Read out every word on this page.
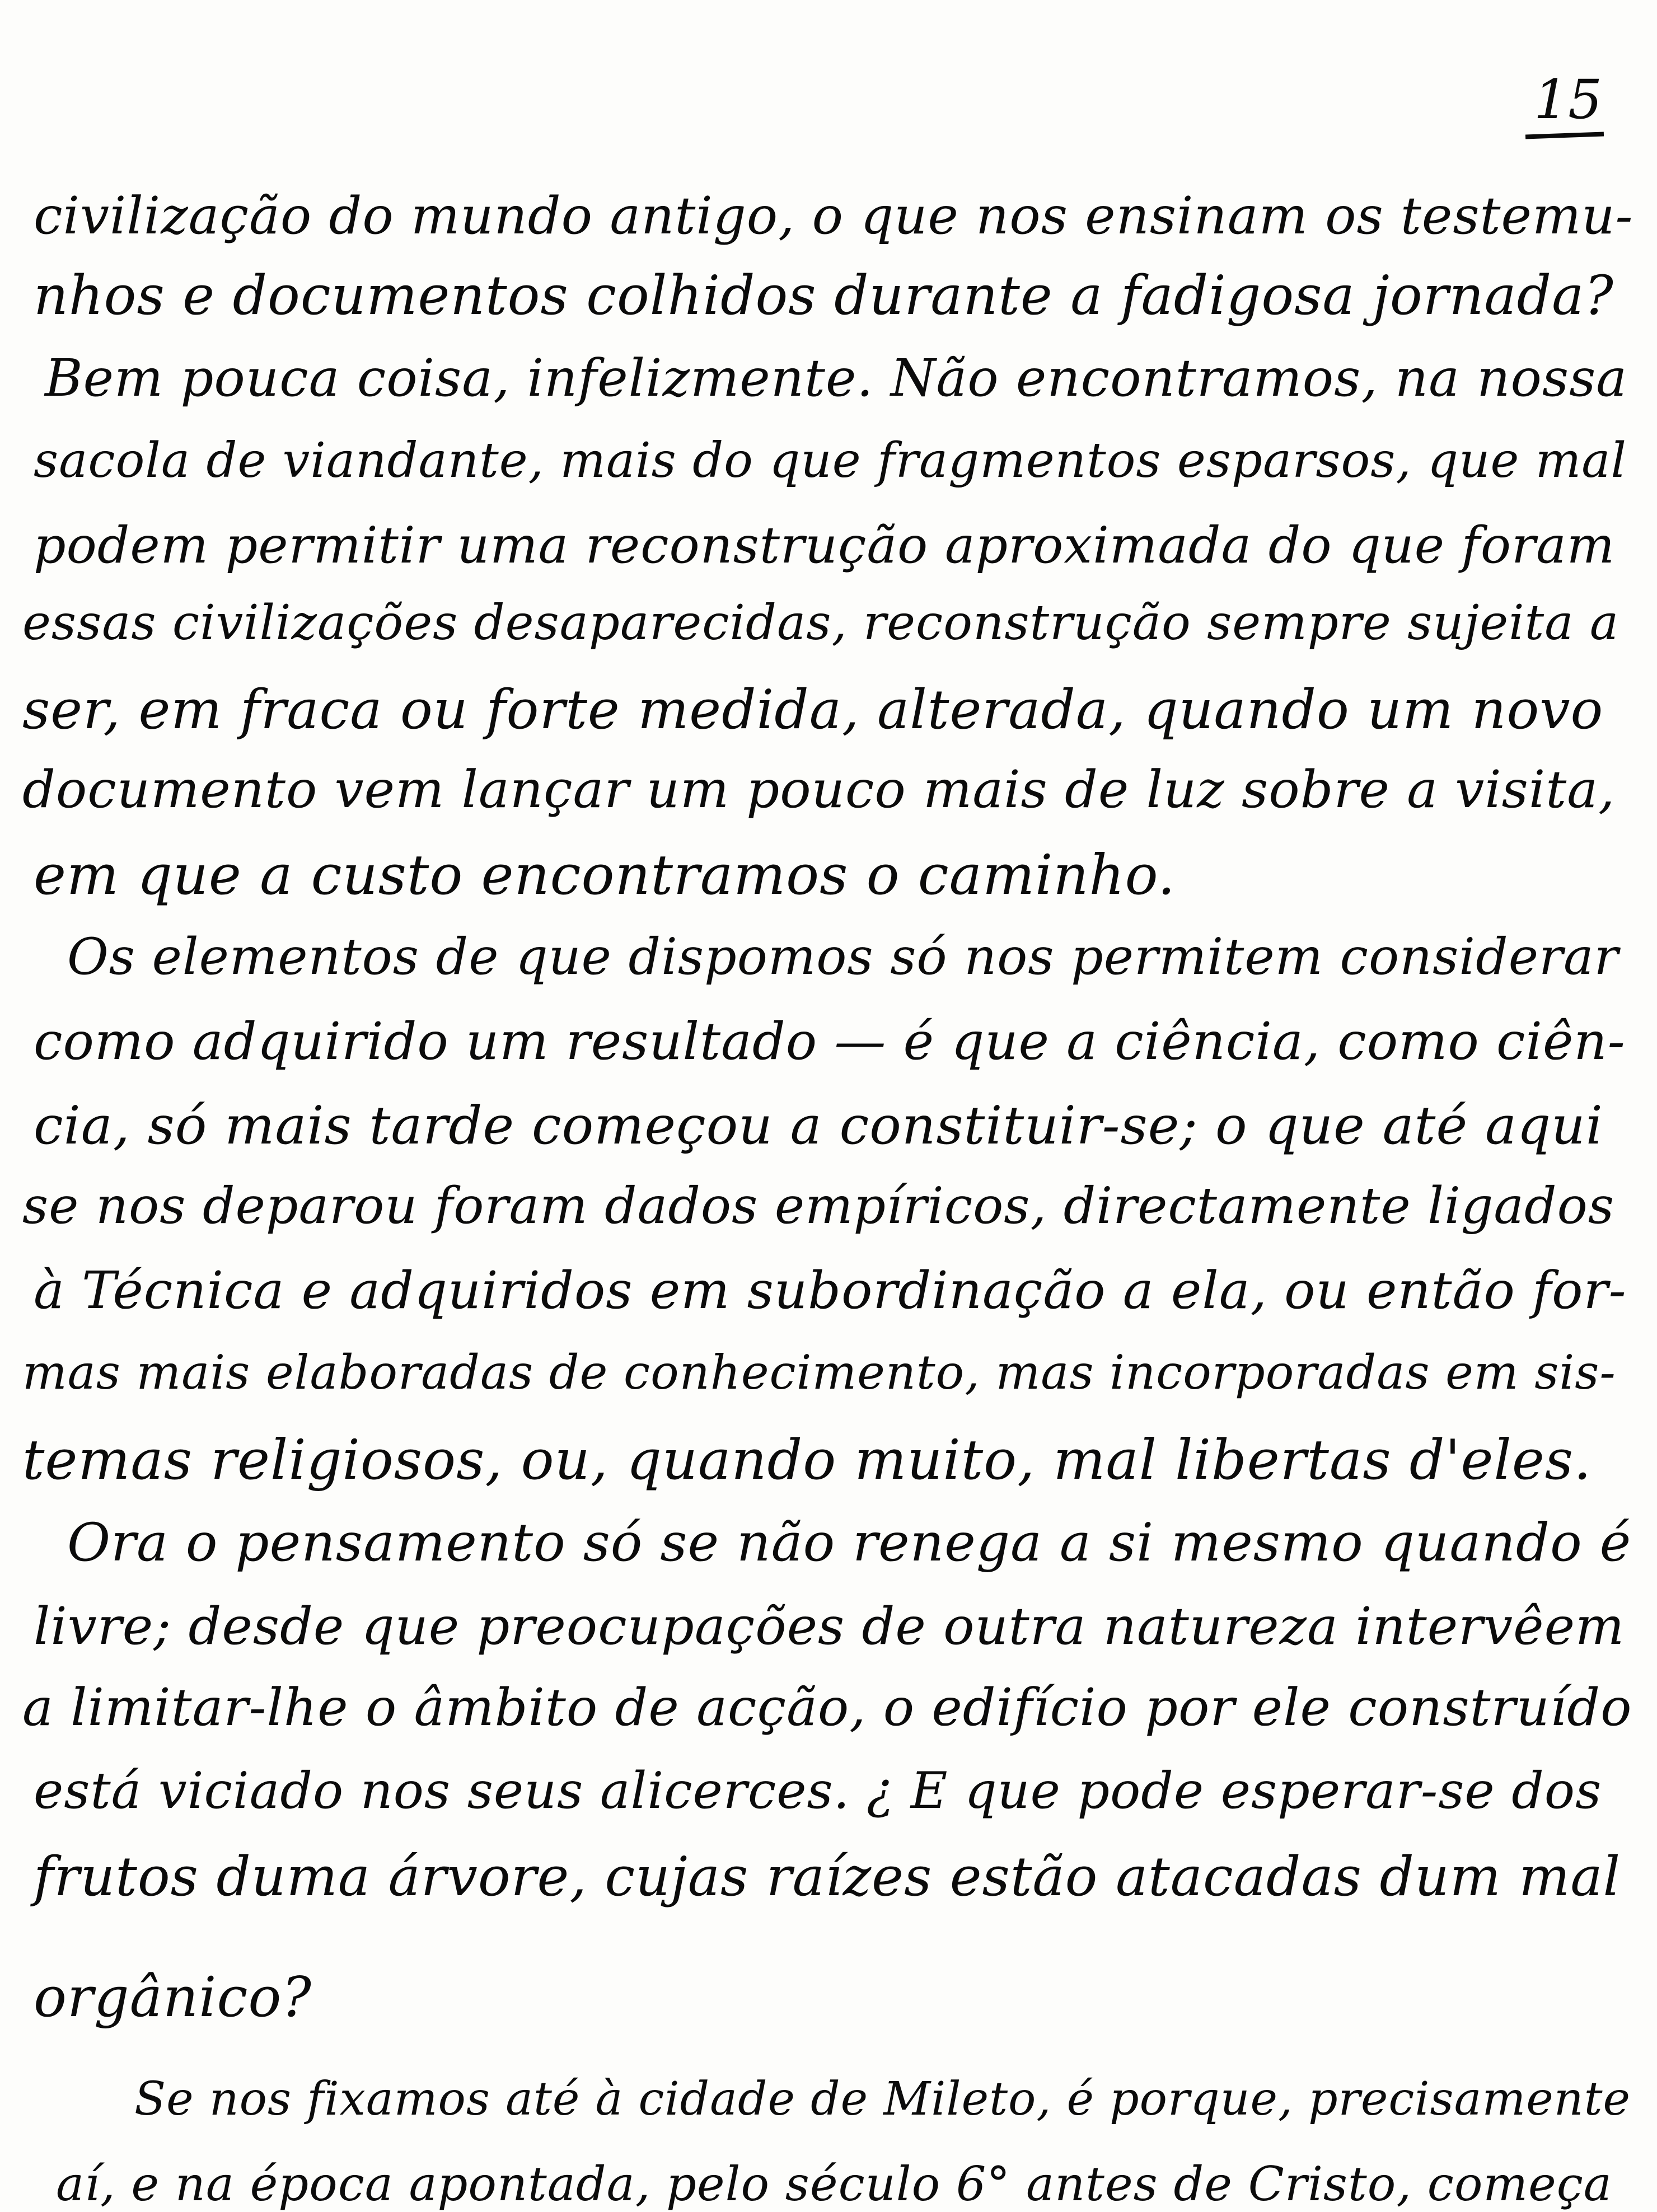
15
civilização do mundo antigo, o que nos ensinam os testemu-
nhos e documentos colhidos durante a fadigosa jornada?
Bem pouca coisa, infelizmente. Não encontramos, na nossa
sacola de viandante, mais do que fragmentos esparsos, que mal
podem permitir uma reconstrução aproximada do que foram
essas civilizações desaparecidas, reconstrução sempre sujeita a
ser, em fraca ou forte medida, alterada, quando um novo
documento vem lançar um pouco mais de luz sobre a visita,
em que a custo encontramos o caminho.
Os elementos de que dispomos só nos permitem considerar
como adquirido um resultado — é que a ciência, como ciên-
cia, só mais tarde começou a constituir-se; o que até aqui
se nos deparou foram dados empíricos, directamente ligados
à Técnica e adquiridos em subordinação a ela, ou então for-
mas mais elaboradas de conhecimento, mas incorporadas em sis-
temas religiosos, ou, quando muito, mal libertas d'eles.
Ora o pensamento só se não renega a si mesmo quando é
livre; desde que preocupações de outra natureza intervêem
a limitar-lhe o âmbito de acção, o edifício por ele construído
está viciado nos seus alicerces. ¿ E que pode esperar-se dos
frutos duma árvore, cujas raízes estão atacadas dum mal
orgânico?
Se nos fixamos até à cidade de Mileto, é porque, precisamente
aí, e na época apontada, pelo século 6° antes de Cristo, começa
